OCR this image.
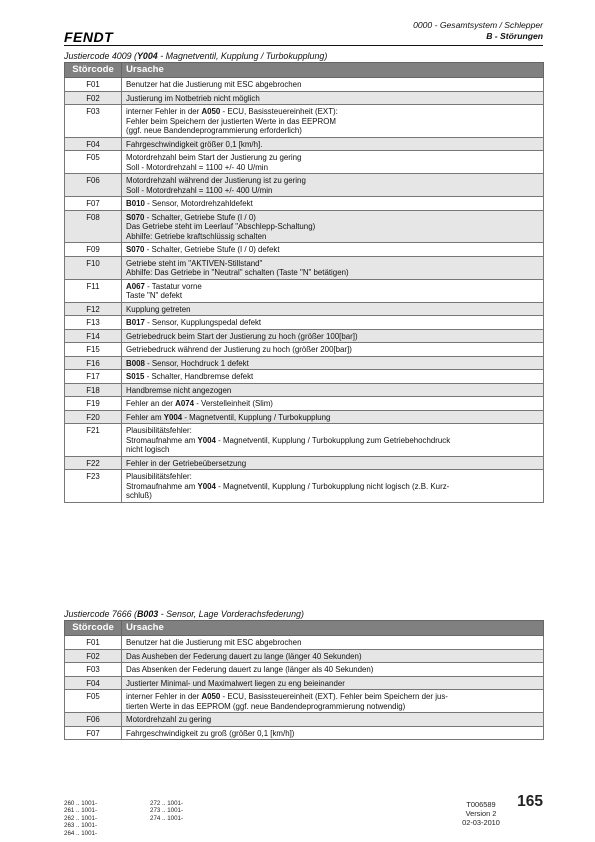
FENDT
0000 - Gesamtsystem / Schlepper
B - Störungen
Justiercode 4009 (Y004 - Magnetventil, Kupplung / Turbokupplung)
Störcode	Ursache
F01	Benutzer hat die Justierung mit ESC abgebrochen

F02	Justierung im Notbetrieb nicht möglich

F03	interner Fehler in der A050 - ECU, Basissteuereinheit (EXT):
Fehler beim Speichern der justierten Werte in das EEPROM
(ggf. neue Bandendeprogrammierung erforderlich)

F04	Fahrgeschwindigkeit größer 0,1 [km/h].

F05	Motordrehzahl beim Start der Justierung zu gering
Soll - Motordrehzahl = 1100 +/- 40 U/min

F06	Motordrehzahl während der Justierung ist zu gering
Soll - Motordrehzahl = 1100 +/- 400 U/min

F07	B010 - Sensor, Motordrehzahldefekt

F08	S070 - Schalter, Getriebe Stufe (I / 0)
Das Getriebe steht im Leerlauf "Abschlepp-Schaltung)
Abhilfe: Getriebe kraftschlüssig schalten

F09	S070 - Schalter, Getriebe Stufe (I / 0) defekt

F10	Getriebe steht im "AKTIVEN-Stillstand"
Abhilfe: Das Getriebe in "Neutral" schalten (Taste "N" betätigen)

F11	A067 - Tastatur vorne
Taste "N" defekt

F12	Kupplung getreten

F13	B017 - Sensor, Kupplungspedal defekt

F14	Getriebedruck beim Start der Justierung zu hoch (größer 100[bar])

F15	Getriebedruck während der Justierung zu hoch (größer 200[bar])

F16	B008 - Sensor, Hochdruck 1 defekt

F17	S015 - Schalter, Handbremse defekt

F18	Handbremse nicht angezogen

F19	Fehler an der A074 - Verstelleinheit (Slim)

F20	Fehler am Y004 - Magnetventil, Kupplung / Turbokupplung

F21	Plausibilitätsfehler:
Stromaufnahme am Y004 - Magnetventil, Kupplung / Turbokupplung zum Getriebehochdruck
nicht logisch

F22	Fehler in der Getriebeübersetzung

F23	Plausibilitätsfehler:
Stromaufnahme am Y004 - Magnetventil, Kupplung / Turbokupplung nicht logisch (z.B. Kurz-
schluß)
Justiercode 7666 (B003 - Sensor, Lage Vorderachsfederung)
Störcode	Ursache
F01	Benutzer hat die Justierung mit ESC abgebrochen

F02	Das Ausheben der Federung dauert zu lange (länger 40 Sekunden)

F03	Das Absenken der Federung dauert zu lange (länger als 40 Sekunden)

F04	Justierter Minimal- und Maximalwert liegen zu eng beieinander

F05	interner Fehler in der A050 - ECU, Basissteuereinheit (EXT). Fehler beim Speichern der jus-
tierten Werte in das EEPROM (ggf. neue Bandendeprogrammierung notwendig)

F06	Motordrehzahl zu gering

F07	Fahrgeschwindigkeit zu groß (größer 0,1 [km/h])
260 .. 1001-
261 .. 1001-
262 .. 1001-
263 .. 1001-
264 .. 1001-
272 .. 1001-
273 .. 1001-
274 .. 1001-
T006589
Version 2
02-03-2010
165
